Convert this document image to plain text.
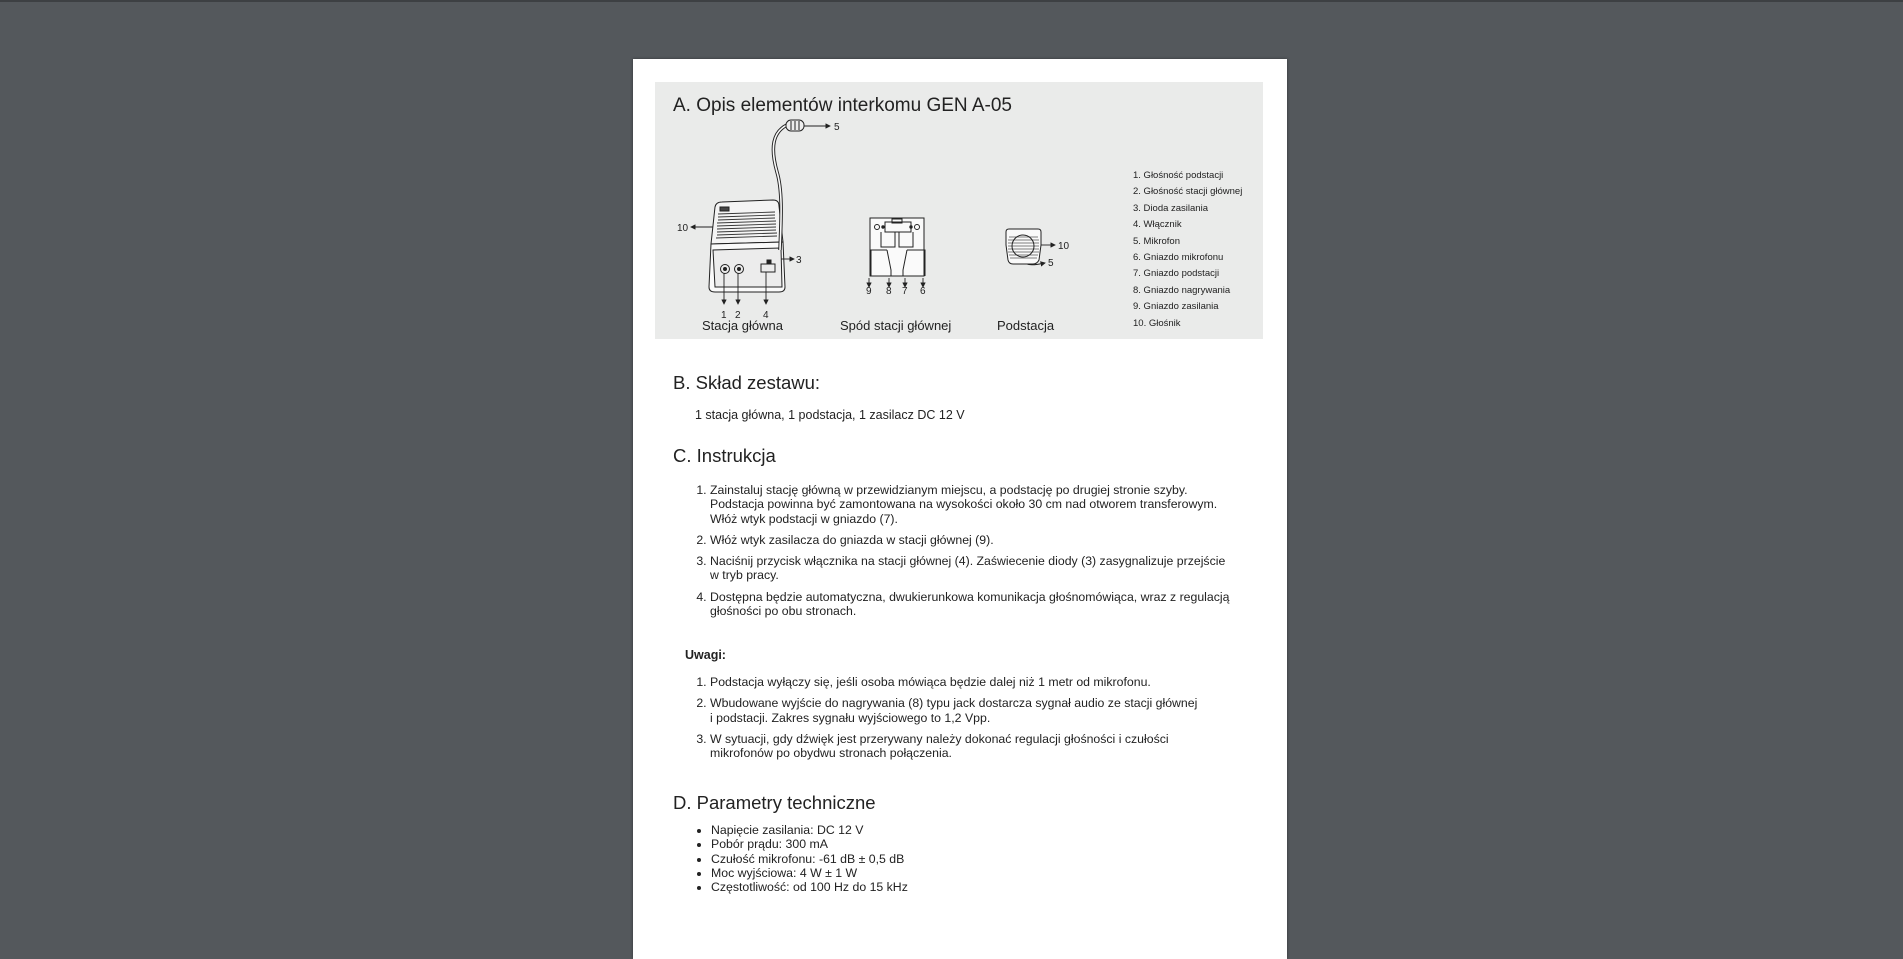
A. Opis elementów interkomu GEN A-05
5
10
3
1 2 4
9 8 7 6
10
5
Stacja główna	Spód stacji głównej	Podstacja
1. Głośność podstacji
2. Głośność stacji głównej
3. Dioda zasilania
4. Włącznik
5. Mikrofon
6. Gniazdo mikrofonu
7. Gniazdo podstacji
8. Gniazdo nagrywania
9. Gniazdo zasilania
10. Głośnik
B. Skład zestawu:
1 stacja główna, 1 podstacja, 1 zasilacz DC 12 V
C. Instrukcja
1. Zainstaluj stację główną w przewidzianym miejscu, a podstację po drugiej stronie szyby.
Podstacja powinna być zamontowana na wysokości około 30 cm nad otworem transferowym.
Włóż wtyk podstacji w gniazdo (7).
2. Włóż wtyk zasilacza do gniazda w stacji głównej (9).
3. Naciśnij przycisk włącznika na stacji głównej (4). Zaświecenie diody (3) zasygnalizuje przejście
w tryb pracy.
4. Dostępna będzie automatyczna, dwukierunkowa komunikacja głośnomówiąca, wraz z regulacją
głośności po obu stronach.
Uwagi:
1. Podstacja wyłączy się, jeśli osoba mówiąca będzie dalej niż 1 metr od mikrofonu.
2. Wbudowane wyjście do nagrywania (8) typu jack dostarcza sygnał audio ze stacji głównej
i podstacji. Zakres sygnału wyjściowego to 1,2 Vpp.
3. W sytuacji, gdy dźwięk jest przerywany należy dokonać regulacji głośności i czułości
mikrofonów po obydwu stronach połączenia.
D. Parametry techniczne
• Napięcie zasilania: DC 12 V
• Pobór prądu: 300 mA
• Czułość mikrofonu: -61 dB ± 0,5 dB
• Moc wyjściowa: 4 W ± 1 W
• Częstotliwość: od 100 Hz do 15 kHz
